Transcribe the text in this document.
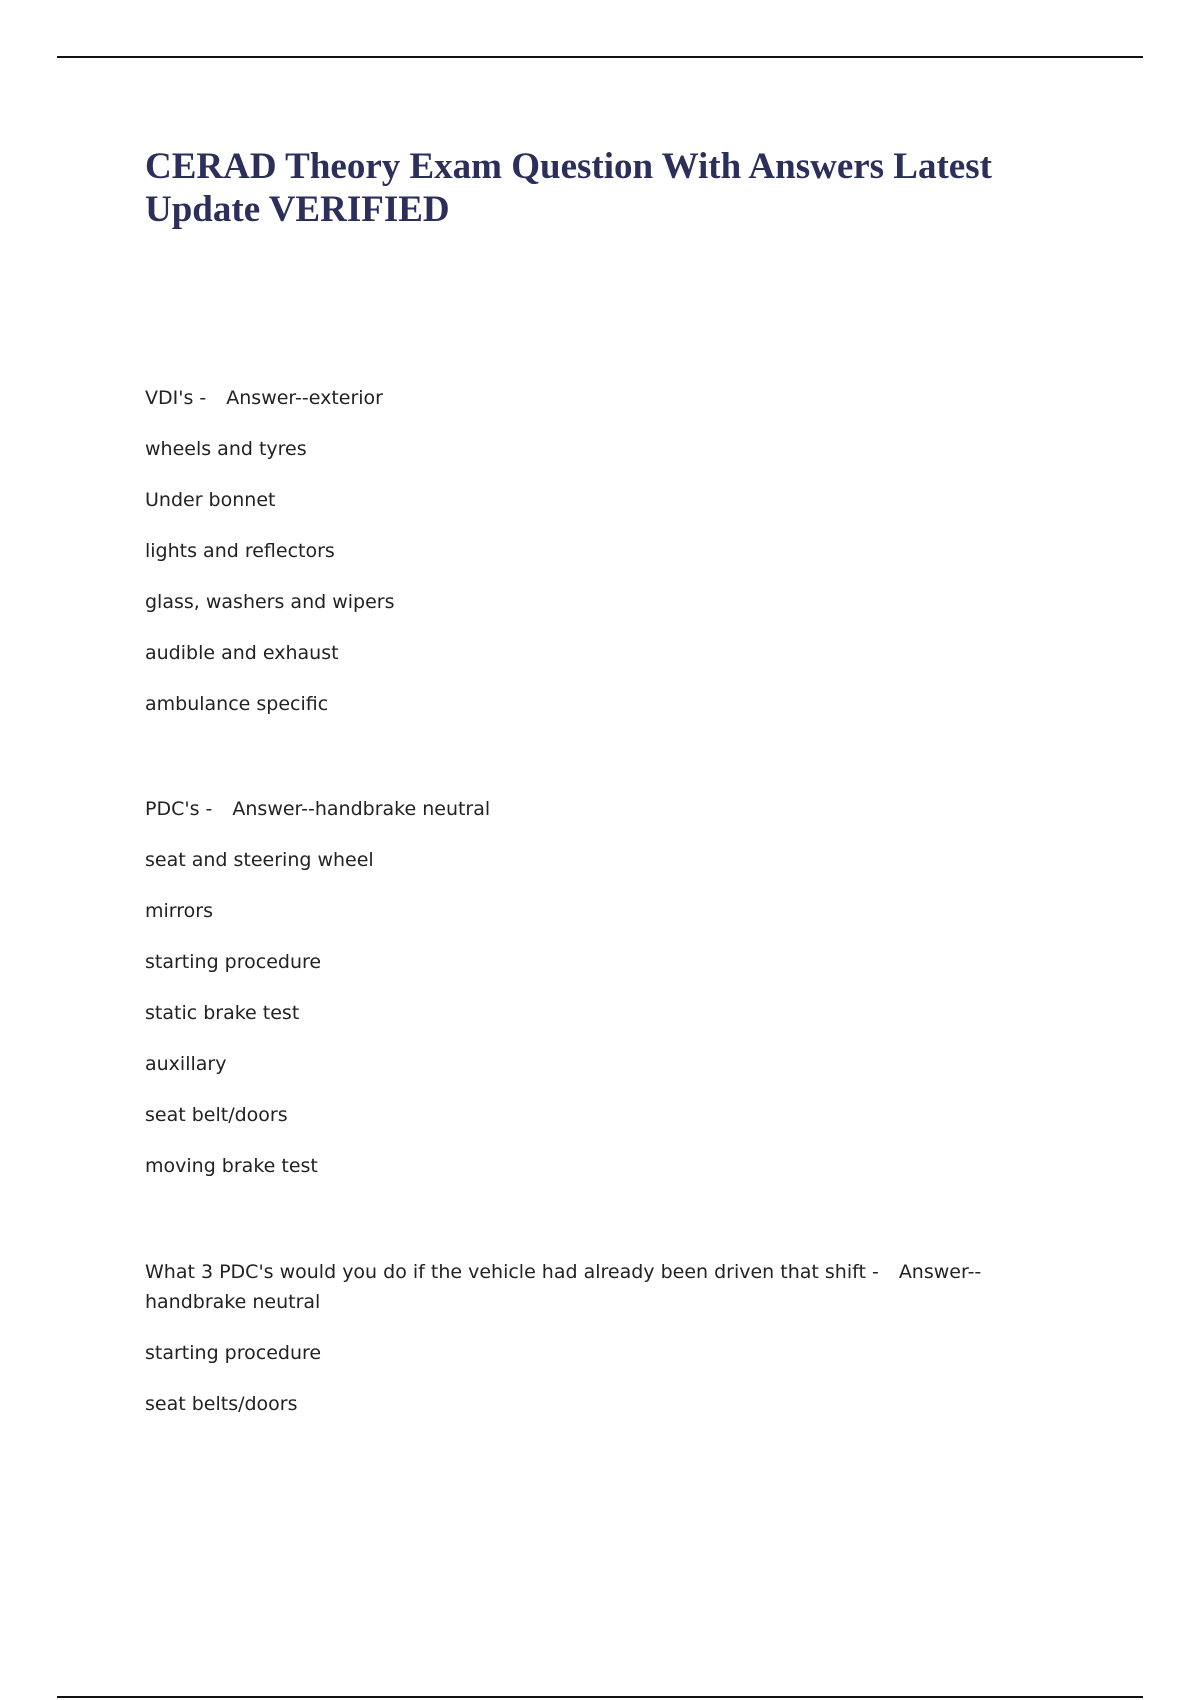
CERAD Theory Exam Question With Answers Latest Update VERIFIED
VDI's - Answer--exterior
wheels and tyres
Under bonnet
lights and reflectors
glass, washers and wipers
audible and exhaust
ambulance specific
PDC's - Answer--handbrake neutral
seat and steering wheel
mirrors
starting procedure
static brake test
auxillary
seat belt/doors
moving brake test
What 3 PDC's would you do if the vehicle had already been driven that shift - Answer--handbrake neutral
starting procedure
seat belts/doors
